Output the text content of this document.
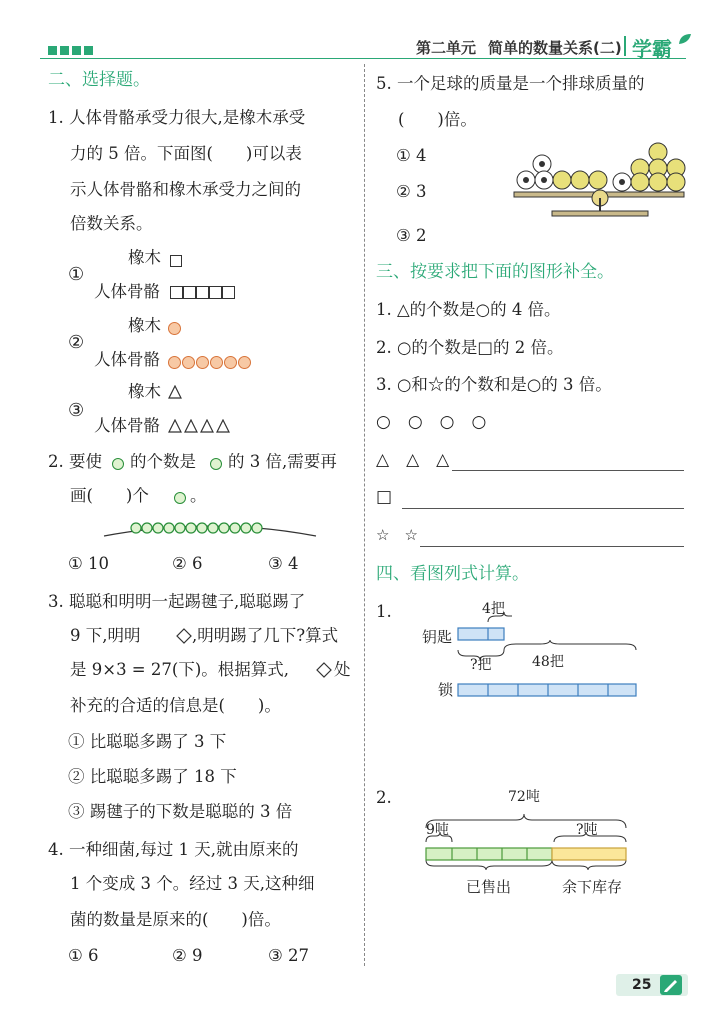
第二单元 简单的数量关系(二) 学霸
二、选择题。
1. 人体骨骼承受力很大,是橡木承受
力的 5 倍。下面图(　　)可以表
示人体骨骼和橡木承受力之间的
倍数关系。
①
橡木
人体骨骼
②
橡木
人体骨骼
③
橡木
人体骨骼
2. 要使 的个数是 的 3 倍,需要再
画(　　)个 。
① 10	② 6	③ 4
3. 聪聪和明明一起踢毽子,聪聪踢了
9 下,明明	,明明踢了几下?算式
是 9×3 = 27(下)。根据算式,	处
补充的合适的信息是(　　)。
① 比聪聪多踢了 3 下
② 比聪聪多踢了 18 下
③ 踢毽子的下数是聪聪的 3 倍
4. 一种细菌,每过 1 天,就由原来的
1 个变成 3 个。经过 3 天,这种细
菌的数量是原来的(　　)倍。
① 6	② 9	③ 27
5. 一个足球的质量是一个排球质量的
(　　)倍。
① 4
② 3
③ 2
三、按要求把下面的图形补全。
1. △的个数是○的 4 倍。
2. ○的个数是□的 2 倍。
3. ○和☆的个数和是○的 3 倍。
○　○　○　○
△　△　△
□
☆　☆
四、看图列式计算。
1.	4把
钥匙
?把	48把
锁
2.	72吨
9吨	?吨
已售出	余下库存
25
